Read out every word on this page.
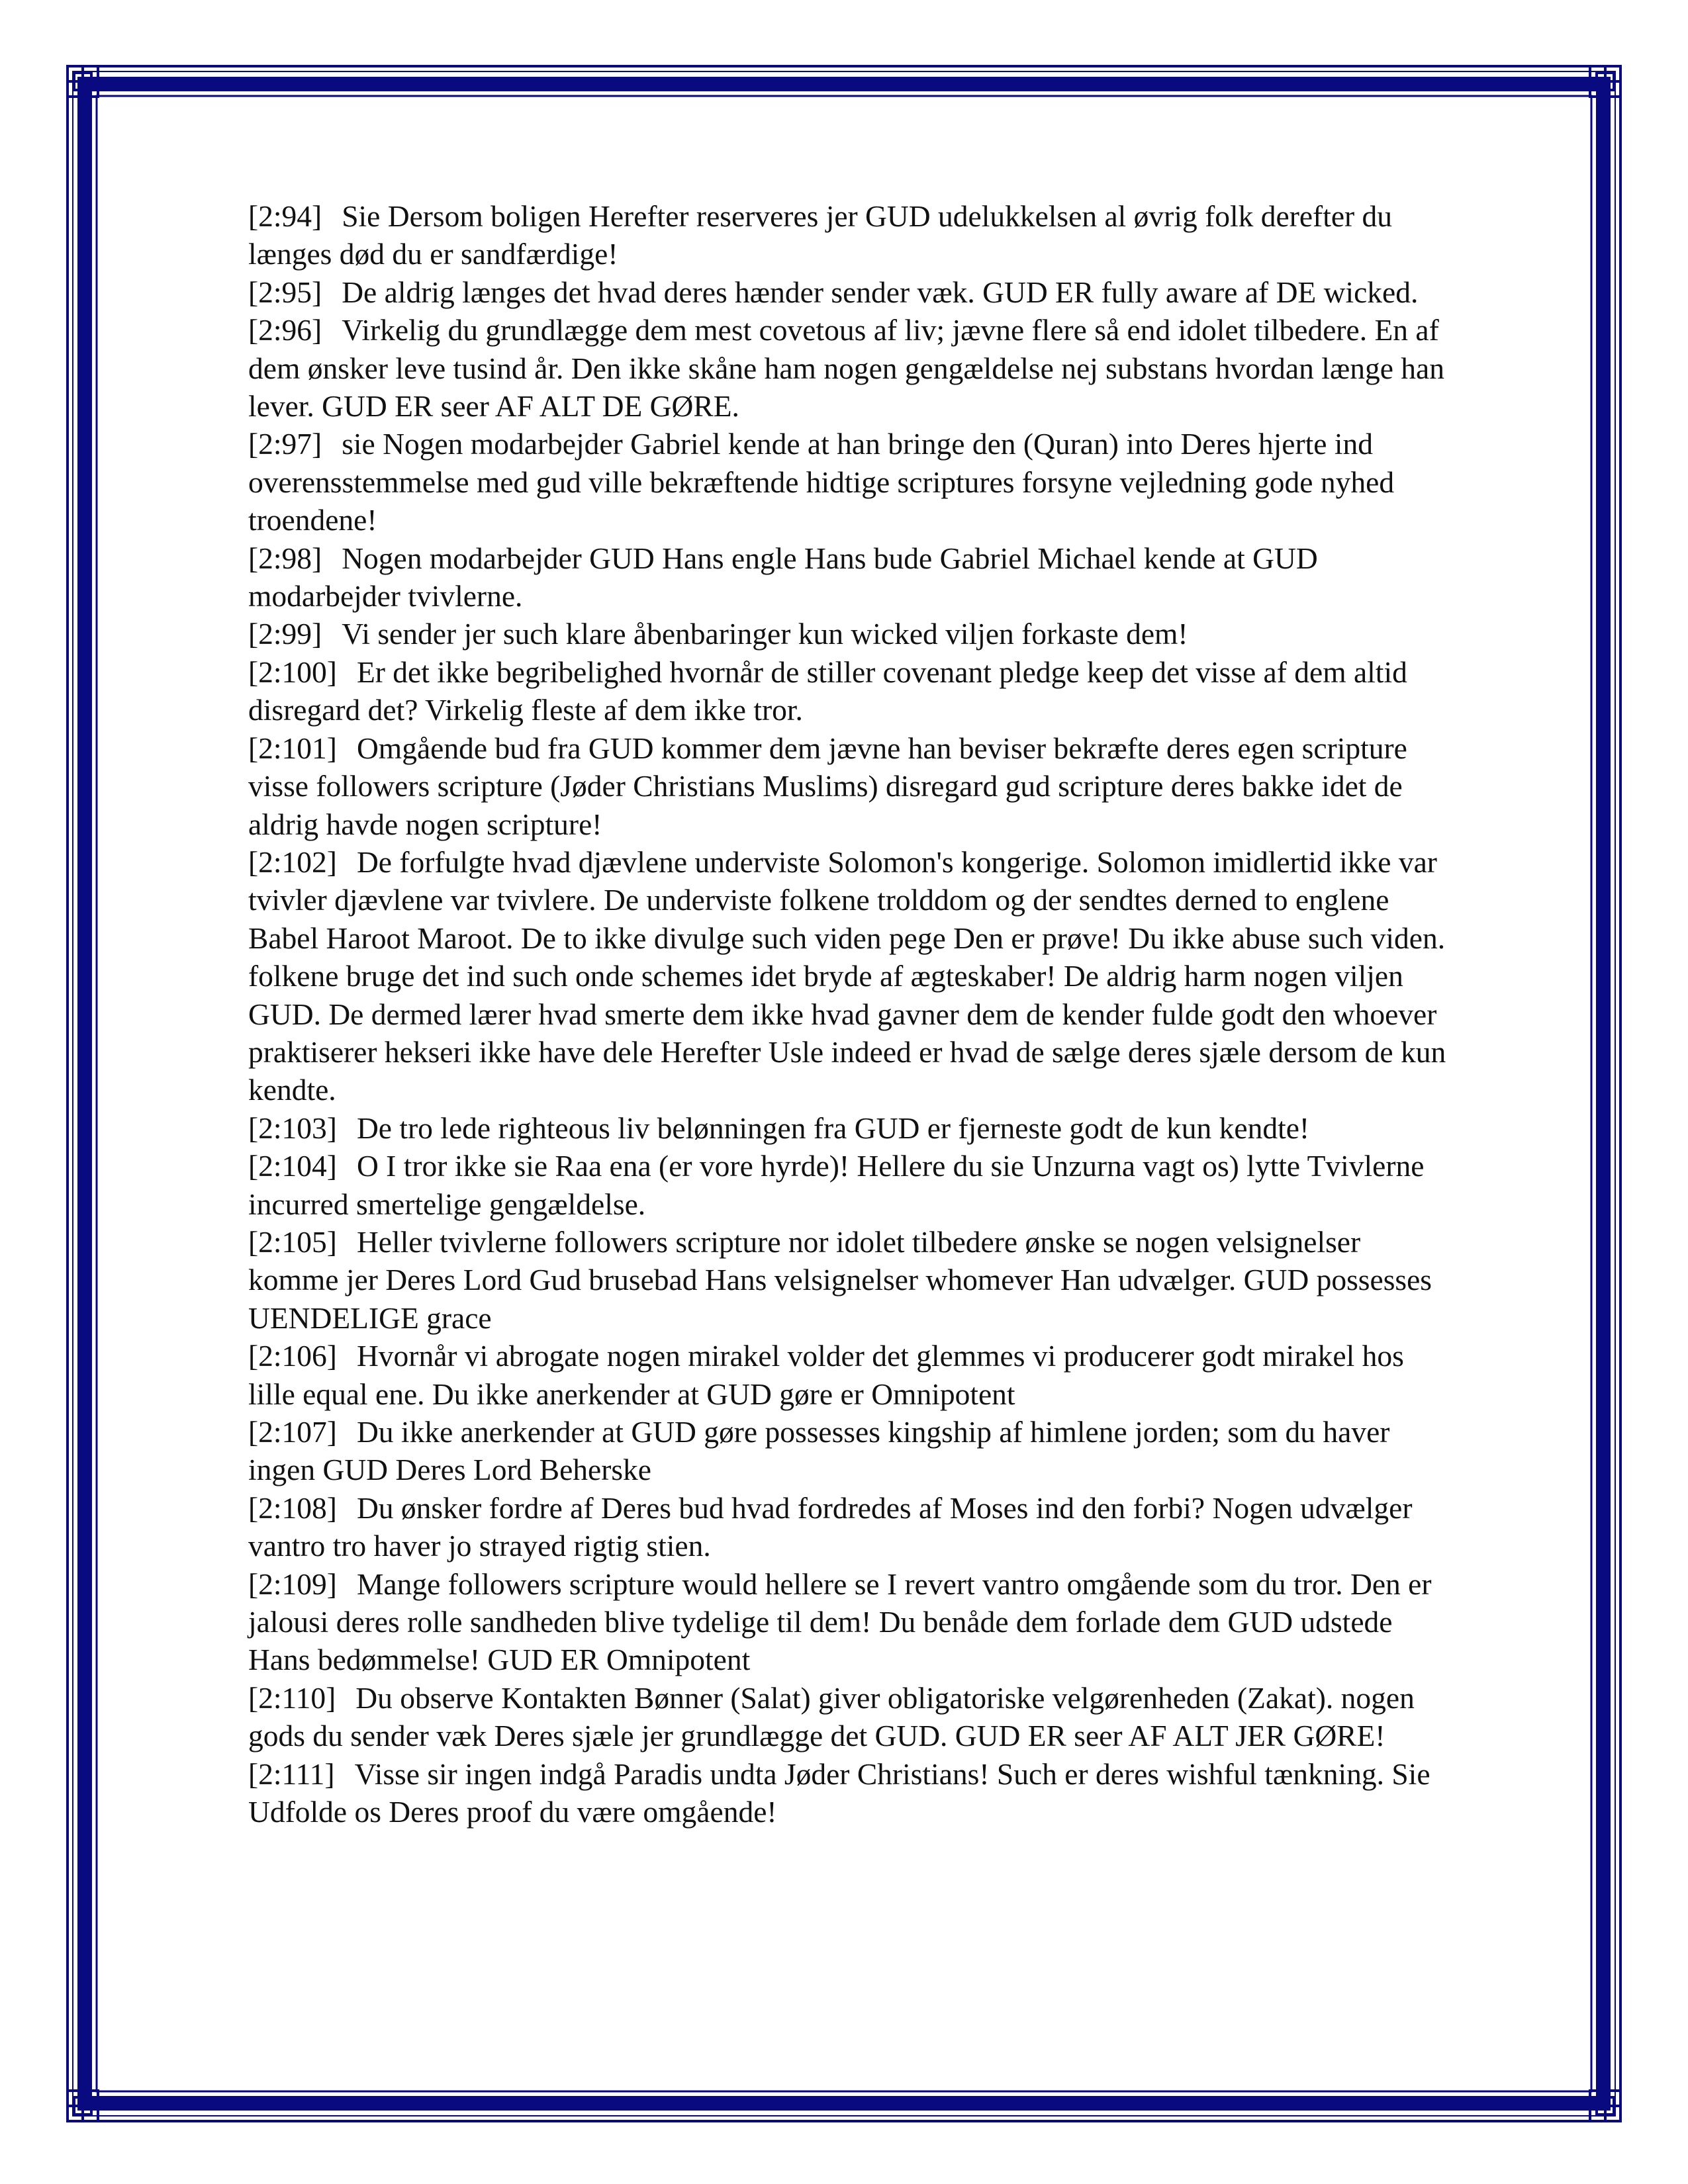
[2:94] Sie Dersom boligen Herefter reserveres jer GUD udelukkelsen al øvrig folk derefter du længes død du er sandfærdige!

[2:95] De aldrig længes det hvad deres hænder sender væk. GUD ER fully aware af DE wicked.

[2:96] Virkelig du grundlægge dem mest covetous af liv; jævne flere så end idolet tilbedere. En af dem ønsker leve tusind år. Den ikke skåne ham nogen gengældelse nej substans hvordan længe han lever. GUD ER seer AF ALT DE GØRE.

[2:97] sie Nogen modarbejder Gabriel kende at han bringe den (Quran) into Deres hjerte ind overensstemmelse med gud ville bekræftende hidtige scriptures forsyne vejledning gode nyhed troendene!

[2:98] Nogen modarbejder GUD Hans engle Hans bude Gabriel Michael kende at GUD modarbejder tvivlerne.

[2:99] Vi sender jer such klare åbenbaringer kun wicked viljen forkaste dem!

[2:100] Er det ikke begribelighed hvornår de stiller covenant pledge keep det visse af dem altid disregard det? Virkelig fleste af dem ikke tror.

[2:101] Omgående bud fra GUD kommer dem jævne han beviser bekræfte deres egen scripture visse followers scripture (Jøder Christians Muslims) disregard gud scripture deres bakke idet de aldrig havde nogen scripture!

[2:102] De forfulgte hvad djævlene underviste Solomon's kongerige. Solomon imidlertid ikke var tvivler djævlene var tvivlere. De underviste folkene trolddom og der sendtes derned to englene Babel Haroot Maroot. De to ikke divulge such viden pege Den er prøve! Du ikke abuse such viden. folkene bruge det ind such onde schemes idet bryde af ægteskaber! De aldrig harm nogen viljen GUD. De dermed lærer hvad smerte dem ikke hvad gavner dem de kender fulde godt den whoever praktiserer hekseri ikke have dele Herefter Usle indeed er hvad de sælge deres sjæle dersom de kun kendte.

[2:103] De tro lede righteous liv belønningen fra GUD er fjerneste godt de kun kendte!

[2:104] O I tror ikke sie Raa ena (er vore hyrde)! Hellere du sie Unzurna vagt os) lytte Tvivlerne incurred smertelige gengældelse.

[2:105] Heller tvivlerne followers scripture nor idolet tilbedere ønske se nogen velsignelser komme jer Deres Lord Gud brusebad Hans velsignelser whomever Han udvælger. GUD possesses UENDELIGE grace

[2:106] Hvornår vi abrogate nogen mirakel volder det glemmes vi producerer godt mirakel hos lille equal ene. Du ikke anerkender at GUD gøre er Omnipotent

[2:107] Du ikke anerkender at GUD gøre possesses kingship af himlene jorden; som du haver ingen GUD Deres Lord Beherske

[2:108] Du ønsker fordre af Deres bud hvad fordredes af Moses ind den forbi? Nogen udvælger vantro tro haver jo strayed rigtig stien.

[2:109] Mange followers scripture would hellere se I revert vantro omgående som du tror. Den er jalousi deres rolle sandheden blive tydelige til dem! Du benåde dem forlade dem GUD udstede Hans bedømmelse! GUD ER Omnipotent

[2:110] Du observe Kontakten Bønner (Salat) giver obligatoriske velgørenheden (Zakat). nogen gods du sender væk Deres sjæle jer grundlægge det GUD. GUD ER seer AF ALT JER GØRE!

[2:111] Visse sir ingen indgå Paradis undta Jøder Christians! Such er deres wishful tænkning. Sie Udfolde os Deres proof du være omgående!
